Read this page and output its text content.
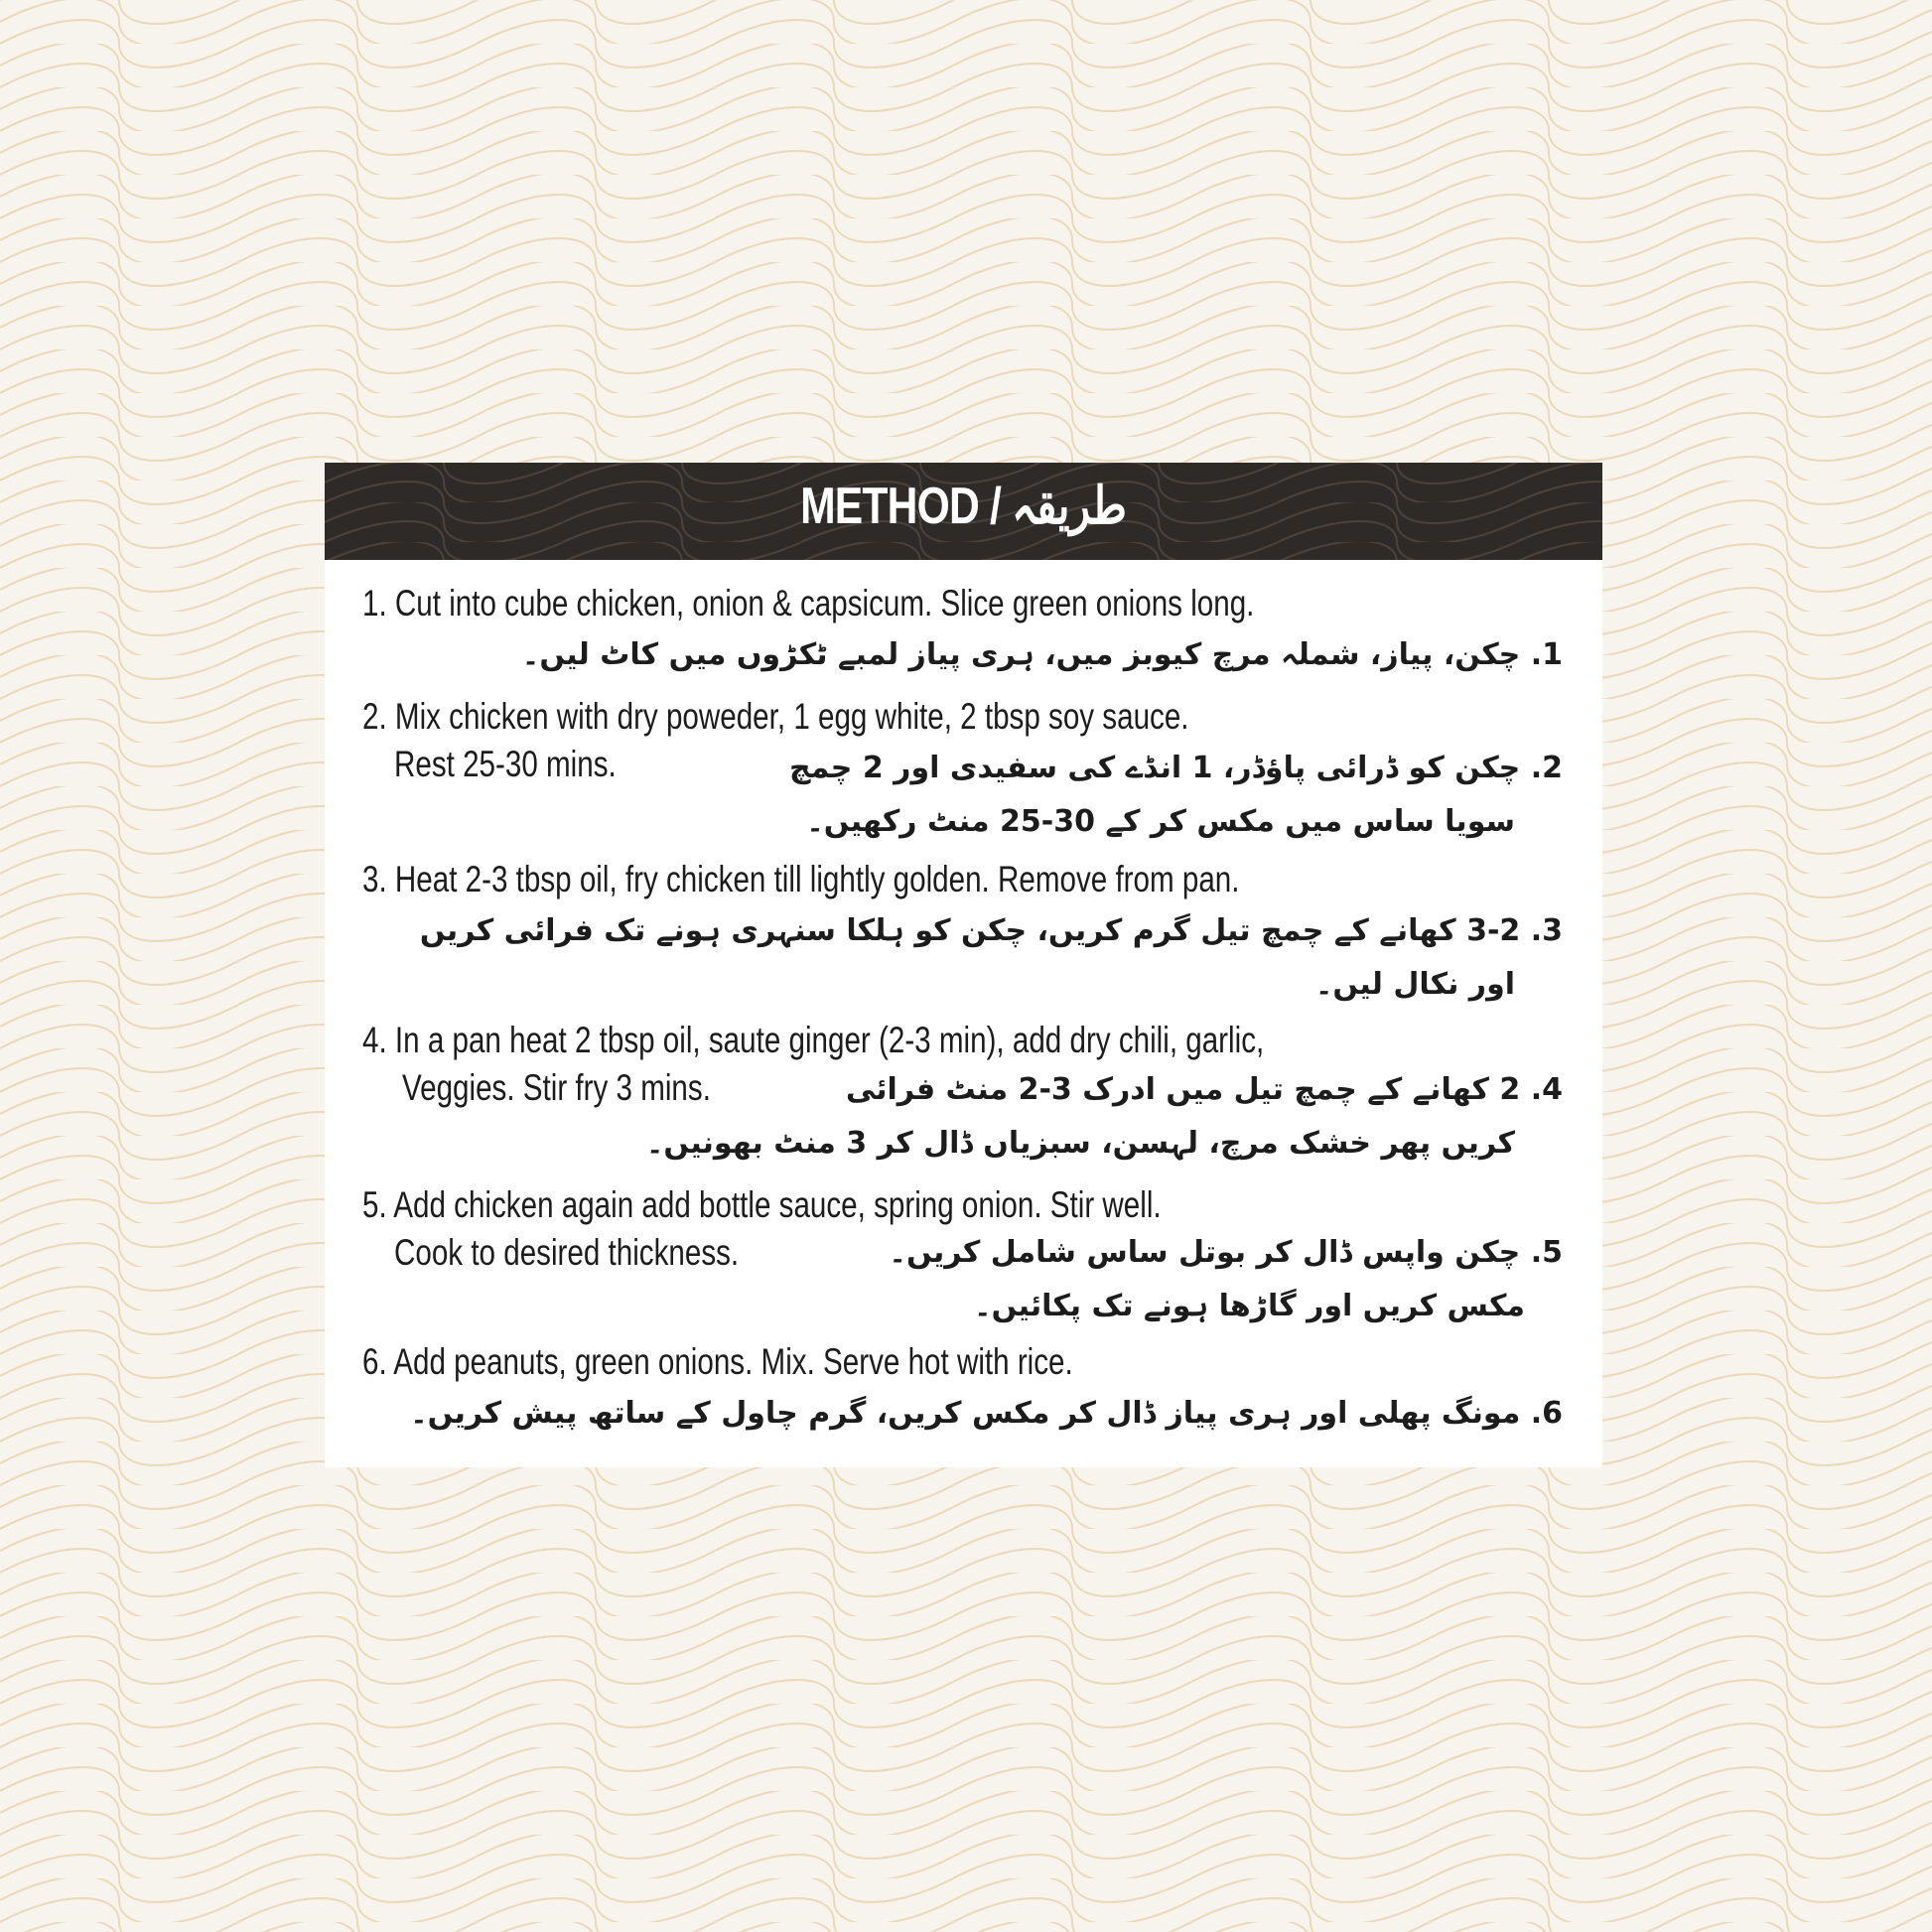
METHOD / طریقہ
1. Cut into cube chicken, onion & capsicum. Slice green onions long.
1. چکن، پیاز، شملہ مرچ کیوبز میں، ہری پیاز لمبے ٹکڑوں میں کاٹ لیں۔
2. Mix chicken with dry poweder, 1 egg white, 2 tbsp soy sauce.
Rest 25-30 mins.	2. چکن کو ڈرائی پاؤڈر، 1 انڈے کی سفیدی اور 2 چمچ
سویا ساس میں مکس کر کے 30-25 منٹ رکھیں۔
3. Heat 2-3 tbsp oil, fry chicken till lightly golden. Remove from pan.
3. 3-2 کھانے کے چمچ تیل گرم کریں، چکن کو ہلکا سنہری ہونے تک فرائی کریں
اور نکال لیں۔
4. In a pan heat 2 tbsp oil, saute ginger (2-3 min), add dry chili, garlic,
Veggies. Stir fry 3 mins.	4. 2 کھانے کے چمچ تیل میں ادرک 3-2 منٹ فرائی
کریں پھر خشک مرچ، لہسن، سبزیاں ڈال کر 3 منٹ بھونیں۔
5. Add chicken again add bottle sauce, spring onion. Stir well.
Cook to desired thickness.	5. چکن واپس ڈال کر بوتل ساس شامل کریں۔
مکس کریں اور گاڑھا ہونے تک پکائیں۔
6. Add peanuts, green onions. Mix. Serve hot with rice.
6. مونگ پھلی اور ہری پیاز ڈال کر مکس کریں، گرم چاول کے ساتھ پیش کریں۔
